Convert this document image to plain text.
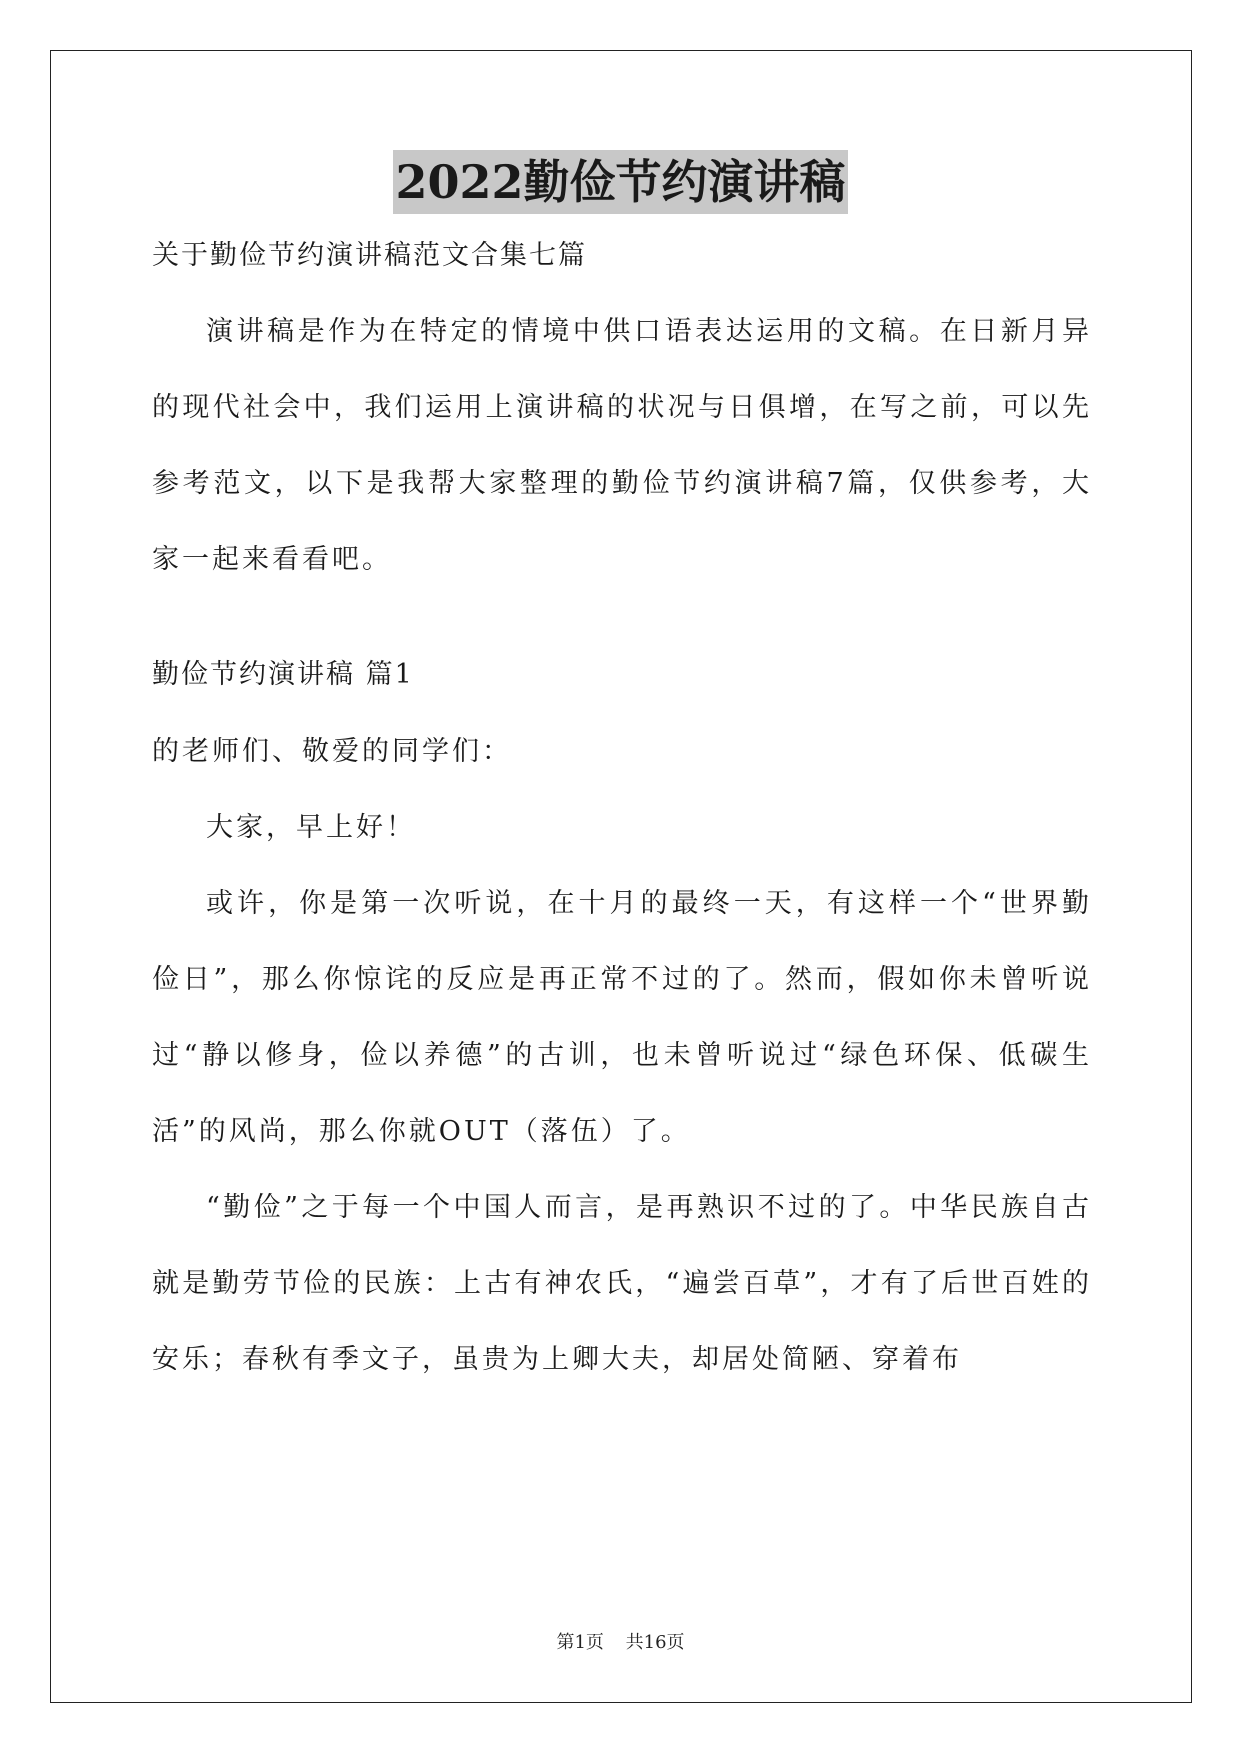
2022勤俭节约演讲稿
关于勤俭节约演讲稿范文合集七篇
演讲稿是作为在特定的情境中供口语表达运用的文稿。在日新月异的现代社会中，我们运用上演讲稿的状况与日俱增，在写之前，可以先参考范文，以下是我帮大家整理的勤俭节约演讲稿7篇，仅供参考，大家一起来看看吧。
勤俭节约演讲稿 篇1
的老师们、敬爱的同学们：
大家，早上好！
或许，你是第一次听说，在十月的最终一天，有这样一个“世界勤俭日”，那么你惊诧的反应是再正常不过的了。然而，假如你未曾听说过“静以修身，俭以养德”的古训，也未曾听说过“绿色环保、低碳生活”的风尚，那么你就OUT（落伍）了。
“勤俭”之于每一个中国人而言，是再熟识不过的了。中华民族自古就是勤劳节俭的民族：上古有神农氏，“遍尝百草”，才有了后世百姓的安乐；春秋有季文子，虽贵为上卿大夫，却居处简陋、穿着布
第1页 共16页
